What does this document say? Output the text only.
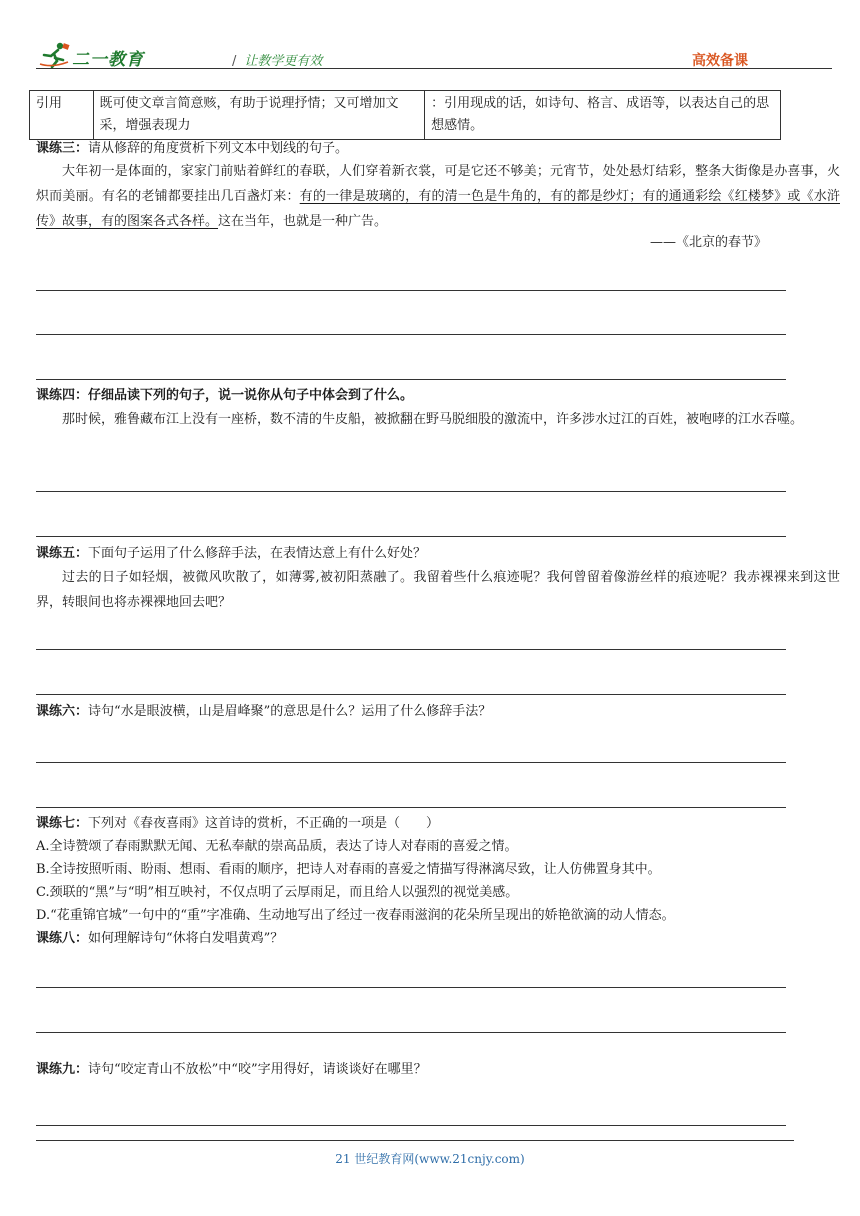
二一教育	/ 让教学更有效	高效备课
引用	既可使文章言简意赅，有助于说理抒情；又可增加文采，增强表现力	：引用现成的话，如诗句、格言、成语等，以表达自己的思想感情。
课练三：请从修辞的角度赏析下列文本中划线的句子。
大年初一是体面的，家家门前贴着鲜红的春联，人们穿着新衣裳，可是它还不够美；元宵节，处处悬灯结彩，整条大街像是办喜事，火炽而美丽。有名的老铺都要挂出几百盏灯来：有的一律是玻璃的，有的清一色是牛角的，有的都是纱灯；有的通通彩绘《红楼梦》或《水浒传》故事，有的图案各式各样。这在当年，也就是一种广告。
——《北京的春节》
课练四：仔细品读下列的句子，说一说你从句子中体会到了什么。
那时候，雅鲁藏布江上没有一座桥，数不清的牛皮船，被掀翻在野马脱细股的激流中，许多涉水过江的百姓，被咆哮的江水吞噬。
课练五：下面句子运用了什么修辞手法，在表情达意上有什么好处？
过去的日子如轻烟，被微风吹散了，如薄雾,被初阳蒸融了。我留着些什么痕迹呢？我何曾留着像游丝样的痕迹呢？我赤裸裸来到这世界，转眼间也将赤裸裸地回去吧？
课练六：诗句“水是眼波横，山是眉峰聚”的意思是什么？运用了什么修辞手法？
课练七：下列对《春夜喜雨》这首诗的赏析，不正确的一项是（　　）
A.全诗赞颂了春雨默默无闻、无私奉献的崇高品质，表达了诗人对春雨的喜爱之情。
B.全诗按照听雨、盼雨、想雨、看雨的顺序，把诗人对春雨的喜爱之情描写得淋漓尽致，让人仿佛置身其中。
C.颈联的“黑”与“明”相互映衬，不仅点明了云厚雨足，而且给人以强烈的视觉美感。
D.“花重锦官城”一句中的“重”字准确、生动地写出了经过一夜春雨滋润的花朵所呈现出的娇艳欲滴的动人情态。
课练八：如何理解诗句“休将白发唱黄鸡”？
课练九：诗句“咬定青山不放松”中“咬”字用得好，请谈谈好在哪里？
21 世纪教育网(www.21cnjy.com)
